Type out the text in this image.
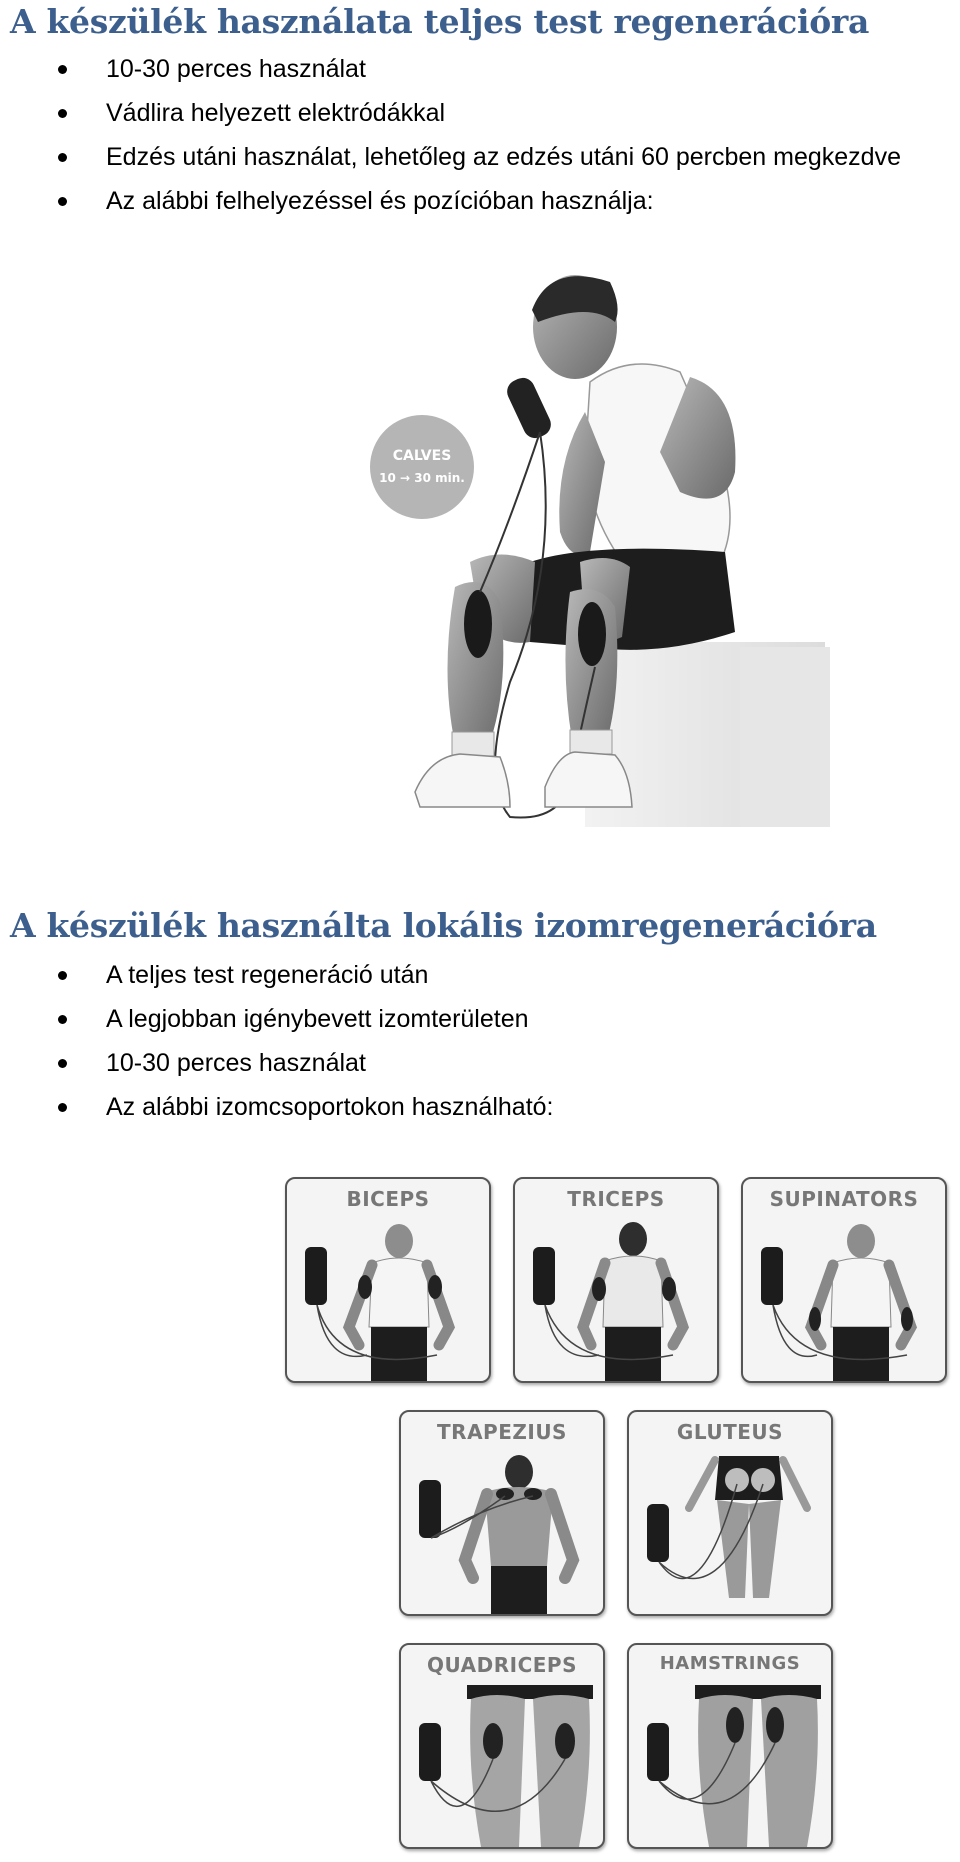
A készülék használata teljes test regenerációra
10-30 perces használat
Vádlira helyezett elektródákkal
Edzés utáni használat, lehetőleg az edzés utáni 60 percben megkezdve
Az alábbi felhelyezéssel és pozícióban használja:
CALVES
10 → 30 min.
A készülék használta lokális izomregenerációra
A teljes test regeneráció után
A legjobban igénybevett izomterületen
10-30 perces használat
Az alábbi izomcsoportokon használható:
BICEPS	TRICEPS	SUPINATORS
TRAPEZIUS	GLUTEUS
QUADRICEPS	HAMSTRINGS
